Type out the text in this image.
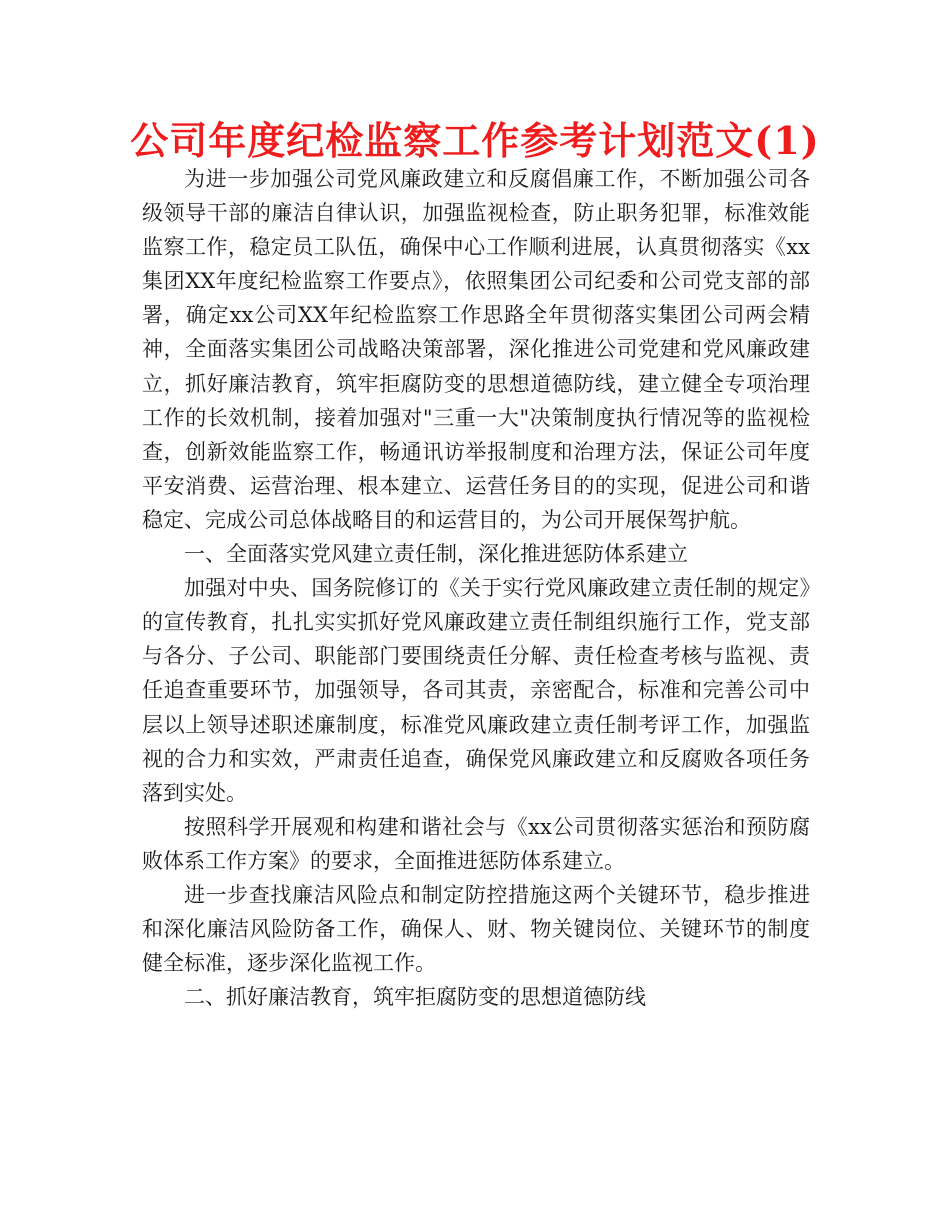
公司年度纪检监察工作参考计划范文(1)

为进一步加强公司党风廉政建立和反腐倡廉工作，不断加强公司各级领导干部的廉洁自律认识，加强监视检查，防止职务犯罪，标准效能监察工作，稳定员工队伍，确保中心工作顺利进展，认真贯彻落实《xx集团XX年度纪检监察工作要点》，依照集团公司纪委和公司党支部的部署，确定xx公司XX年纪检监察工作思路全年贯彻落实集团公司两会精神，全面落实集团公司战略决策部署，深化推进公司党建和党风廉政建立，抓好廉洁教育，筑牢拒腐防变的思想道德防线，建立健全专项治理工作的长效机制，接着加强对"三重一大"决策制度执行情况等的监视检查，创新效能监察工作，畅通讯访举报制度和治理方法，保证公司年度平安消费、运营治理、根本建立、运营任务目的的实现，促进公司和谐稳定、完成公司总体战略目的和运营目的，为公司开展保驾护航。

一、全面落实党风建立责任制，深化推进惩防体系建立

加强对中央、国务院修订的《关于实行党风廉政建立责任制的规定》的宣传教育，扎扎实实抓好党风廉政建立责任制组织施行工作，党支部与各分、子公司、职能部门要围绕责任分解、责任检查考核与监视、责任追查重要环节，加强领导，各司其责，亲密配合，标准和完善公司中层以上领导述职述廉制度，标准党风廉政建立责任制考评工作，加强监视的合力和实效，严肃责任追查，确保党风廉政建立和反腐败各项任务落到实处。

按照科学开展观和构建和谐社会与《xx公司贯彻落实惩治和预防腐败体系工作方案》的要求，全面推进惩防体系建立。

进一步查找廉洁风险点和制定防控措施这两个关键环节，稳步推进和深化廉洁风险防备工作，确保人、财、物关键岗位、关键环节的制度健全标准，逐步深化监视工作。

二、抓好廉洁教育，筑牢拒腐防变的思想道德防线
